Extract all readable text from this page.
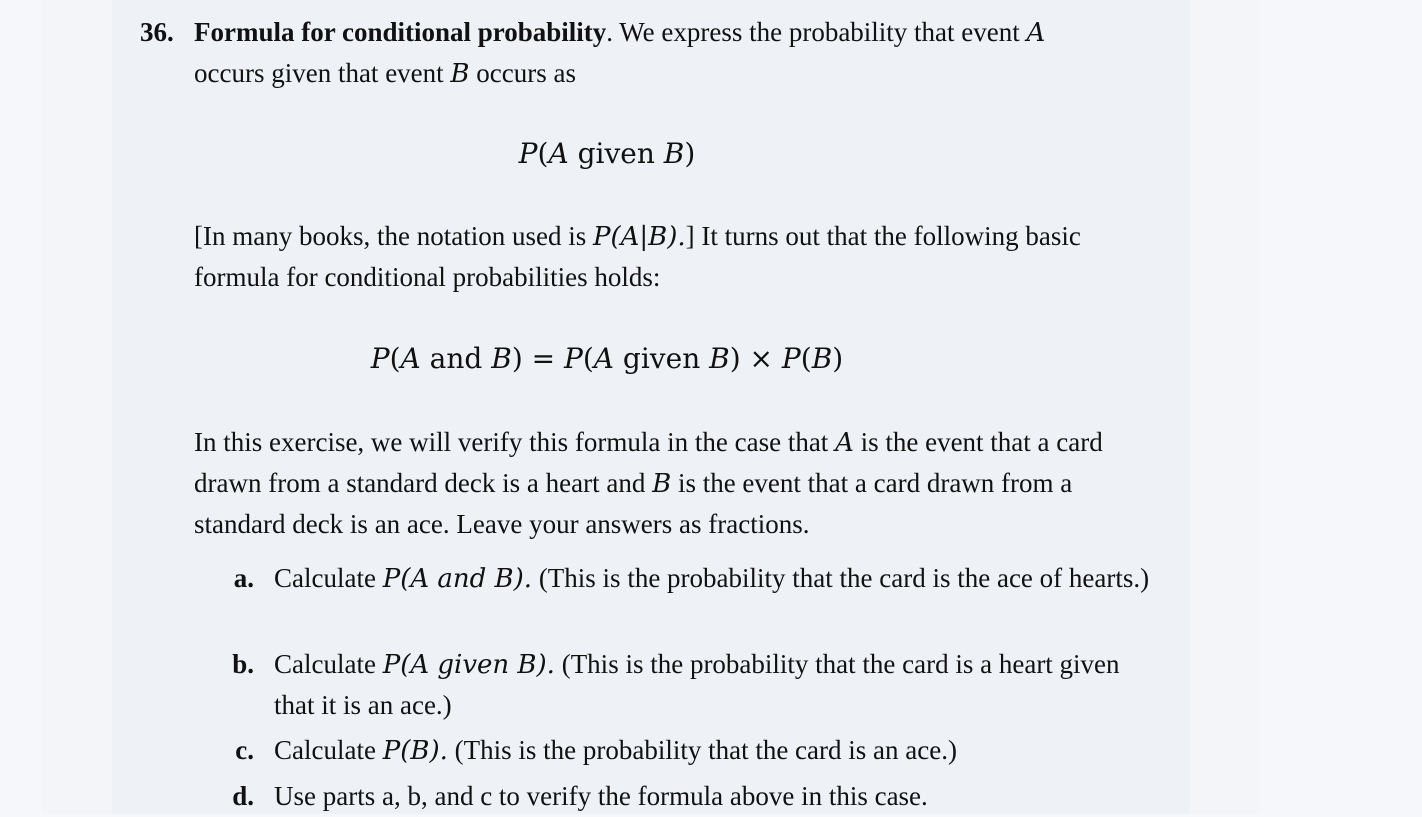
36. Formula for conditional probability. We express the probability that event A
occurs given that event B occurs as

P(A given B)

[In many books, the notation used is P(A|B).] It turns out that the following basic formula for conditional probabilities holds:

P(A and B) = P(A given B) × P(B)

In this exercise, we will verify this formula in the case that A is the event that a card drawn from a standard deck is a heart and B is the event that a card drawn from a standard deck is an ace. Leave your answers as fractions.

a. Calculate P(A and B). (This is the probability that the card is the ace of hearts.)
b. Calculate P(A given B). (This is the probability that the card is a heart given that it is an ace.)
c. Calculate P(B). (This is the probability that the card is an ace.)
d. Use parts a, b, and c to verify the formula above in this case.
